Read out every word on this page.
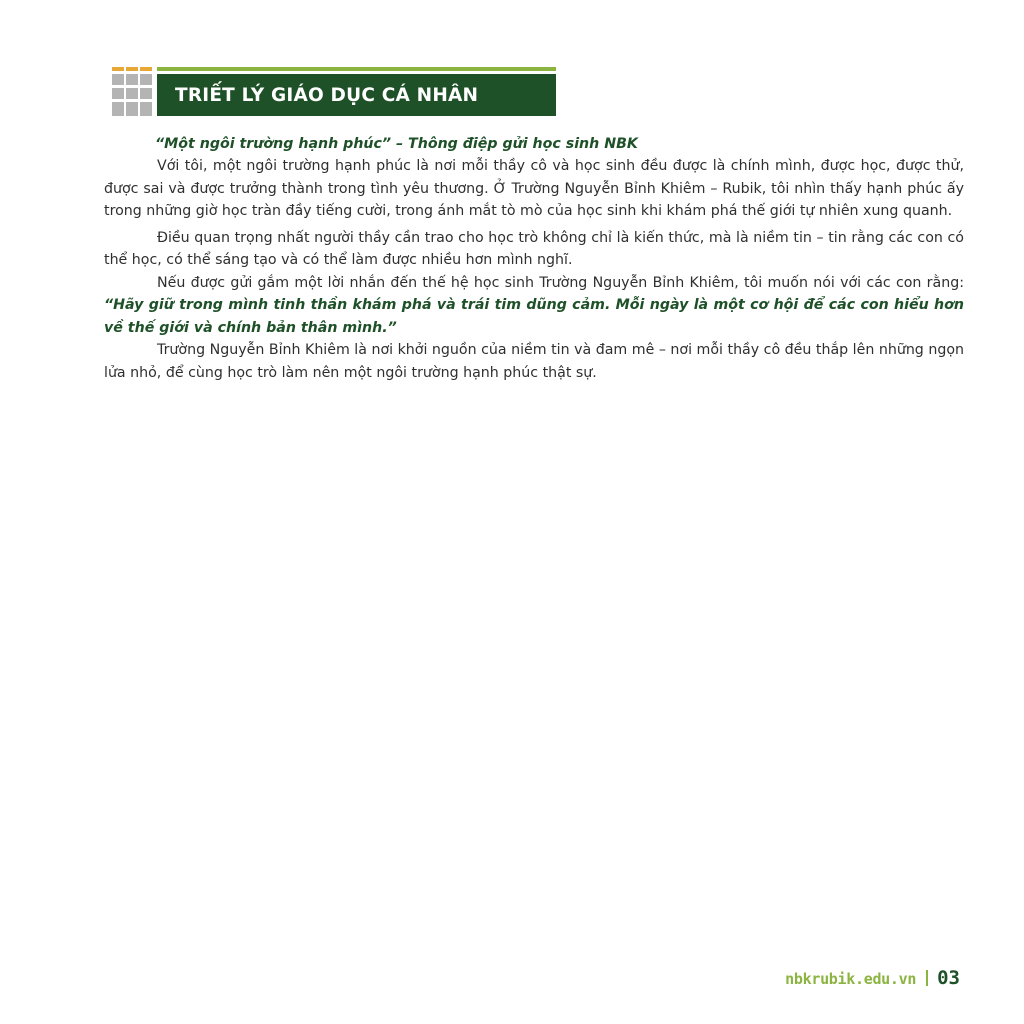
TRIẾT LÝ GIÁO DỤC CÁ NHÂN

“Một ngôi trường hạnh phúc” – Thông điệp gửi học sinh NBK

Với tôi, một ngôi trường hạnh phúc là nơi mỗi thầy cô và học sinh đều được là chính mình, được học, được thử, được sai và được trưởng thành trong tình yêu thương. Ở Trường Nguyễn Bỉnh Khiêm – Rubik, tôi nhìn thấy hạnh phúc ấy trong những giờ học tràn đầy tiếng cười, trong ánh mắt tò mò của học sinh khi khám phá thế giới tự nhiên xung quanh.

Điều quan trọng nhất người thầy cần trao cho học trò không chỉ là kiến thức, mà là niềm tin – tin rằng các con có thể học, có thể sáng tạo và có thể làm được nhiều hơn mình nghĩ.

Nếu được gửi gắm một lời nhắn đến thế hệ học sinh Trường Nguyễn Bỉnh Khiêm, tôi muốn nói với các con rằng: “Hãy giữ trong mình tinh thần khám phá và trái tim dũng cảm. Mỗi ngày là một cơ hội để các con hiểu hơn về thế giới và chính bản thân mình.”

Trường Nguyễn Bỉnh Khiêm là nơi khởi nguồn của niềm tin và đam mê – nơi mỗi thầy cô đều thắp lên những ngọn lửa nhỏ, để cùng học trò làm nên một ngôi trường hạnh phúc thật sự.

nbkrubik.edu.vn 03
